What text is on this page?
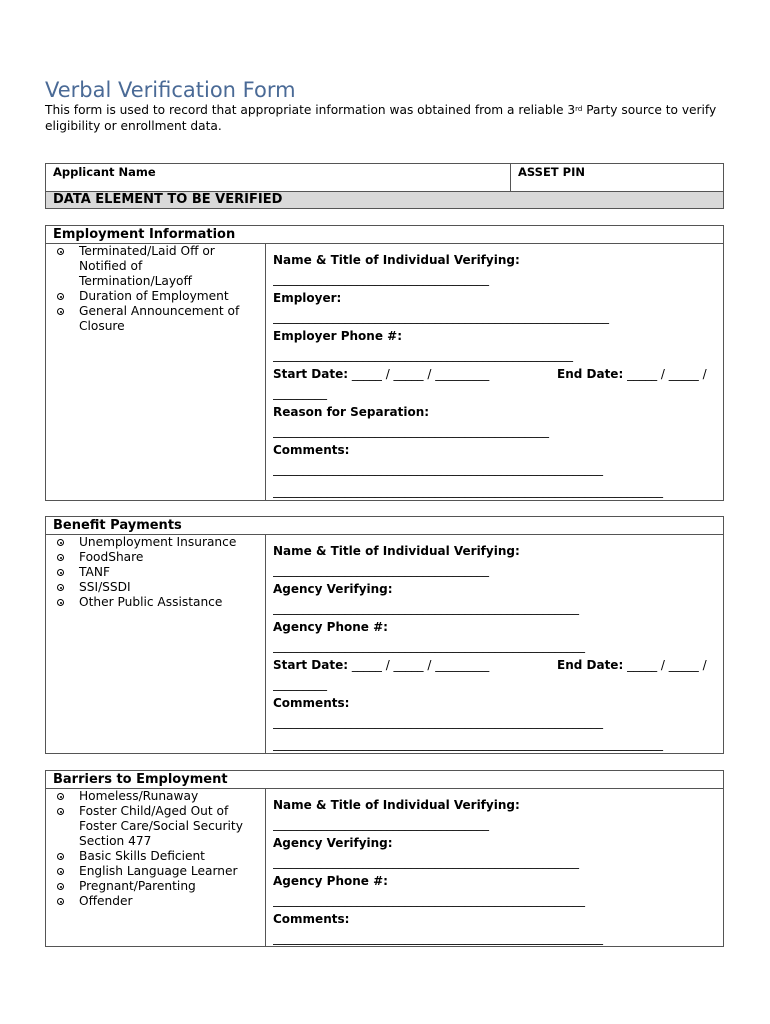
Verbal Verification Form
This form is used to record that appropriate information was obtained from a reliable 3rd Party source to verify eligibility or enrollment data.
Applicant Name	ASSET PIN
DATA ELEMENT TO BE VERIFIED
Employment Information
Terminated/Laid Off or Notified of Termination/Layoff
Duration of Employment
General Announcement of Closure
Name & Title of Individual Verifying:
____________________________________
Employer:
________________________________________________________
Employer Phone #:
__________________________________________________
Start Date: _____ / _____ / _________	End Date: _____ / _____ /
_________
Reason for Separation:
______________________________________________
Comments:
_______________________________________________________
_________________________________________________________________
Benefit Payments
Unemployment Insurance
FoodShare
TANF
SSI/SSDI
Other Public Assistance
Name & Title of Individual Verifying:
____________________________________
Agency Verifying:
___________________________________________________
Agency Phone #:
____________________________________________________
Start Date: _____ / _____ / _________	End Date: _____ / _____ /
_________
Comments:
_______________________________________________________
_________________________________________________________________
Barriers to Employment
Homeless/Runaway
Foster Child/Aged Out of Foster Care/Social Security Section 477
Basic Skills Deficient
English Language Learner
Pregnant/Parenting
Offender
Name & Title of Individual Verifying:
____________________________________
Agency Verifying:
___________________________________________________
Agency Phone #:
____________________________________________________
Comments:
_______________________________________________________
